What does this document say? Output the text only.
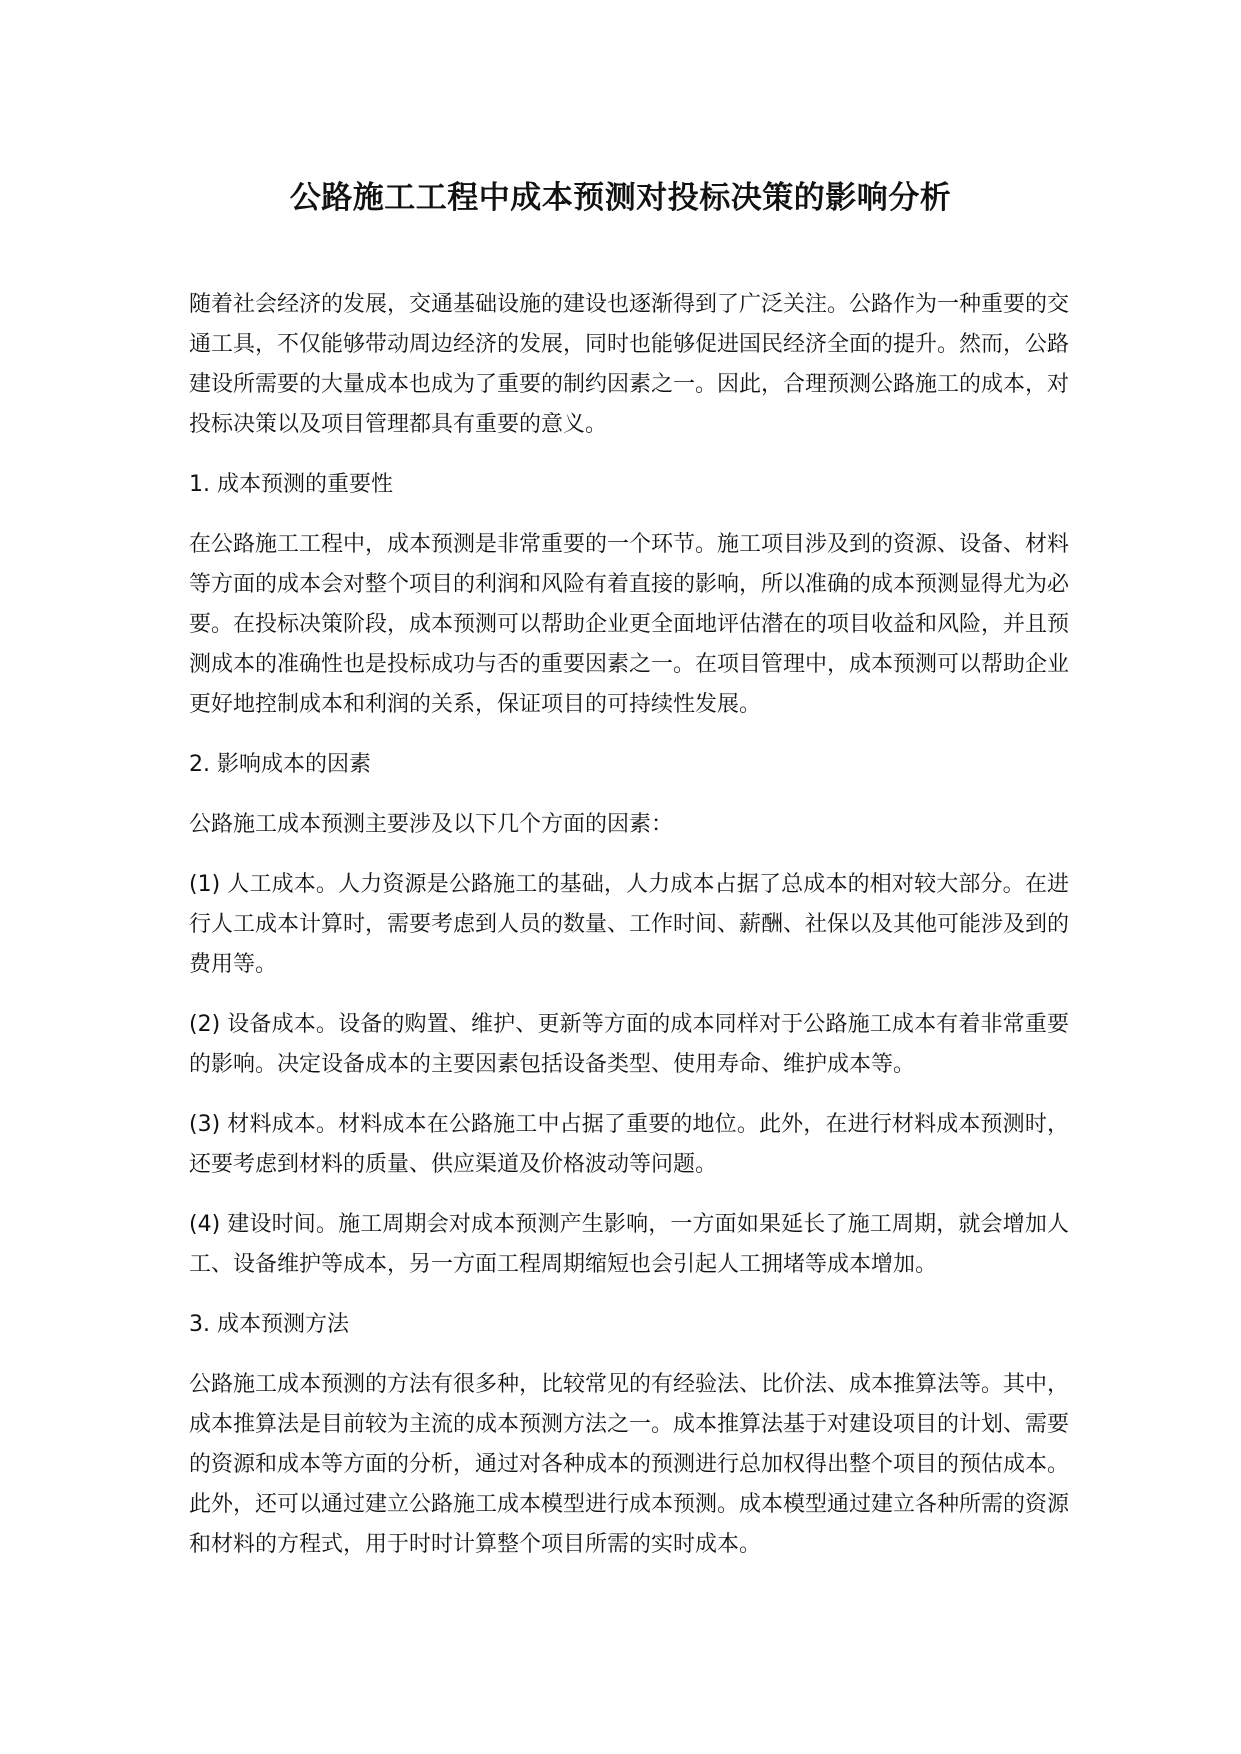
公路施工工程中成本预测对投标决策的影响分析

随着社会经济的发展，交通基础设施的建设也逐渐得到了广泛关注。公路作为一种重要的交通工具，不仅能够带动周边经济的发展，同时也能够促进国民经济全面的提升。然而，公路建设所需要的大量成本也成为了重要的制约因素之一。因此，合理预测公路施工的成本，对投标决策以及项目管理都具有重要的意义。

1. 成本预测的重要性

在公路施工工程中，成本预测是非常重要的一个环节。施工项目涉及到的资源、设备、材料等方面的成本会对整个项目的利润和风险有着直接的影响，所以准确的成本预测显得尤为必要。在投标决策阶段，成本预测可以帮助企业更全面地评估潜在的项目收益和风险，并且预测成本的准确性也是投标成功与否的重要因素之一。在项目管理中，成本预测可以帮助企业更好地控制成本和利润的关系，保证项目的可持续性发展。

2. 影响成本的因素

公路施工成本预测主要涉及以下几个方面的因素：

(1) 人工成本。人力资源是公路施工的基础，人力成本占据了总成本的相对较大部分。在进行人工成本计算时，需要考虑到人员的数量、工作时间、薪酬、社保以及其他可能涉及到的费用等。

(2) 设备成本。设备的购置、维护、更新等方面的成本同样对于公路施工成本有着非常重要的影响。决定设备成本的主要因素包括设备类型、使用寿命、维护成本等。

(3) 材料成本。材料成本在公路施工中占据了重要的地位。此外，在进行材料成本预测时，还要考虑到材料的质量、供应渠道及价格波动等问题。

(4) 建设时间。施工周期会对成本预测产生影响，一方面如果延长了施工周期，就会增加人工、设备维护等成本，另一方面工程周期缩短也会引起人工拥堵等成本增加。

3. 成本预测方法

公路施工成本预测的方法有很多种，比较常见的有经验法、比价法、成本推算法等。其中，成本推算法是目前较为主流的成本预测方法之一。成本推算法基于对建设项目的计划、需要的资源和成本等方面的分析，通过对各种成本的预测进行总加权得出整个项目的预估成本。此外，还可以通过建立公路施工成本模型进行成本预测。成本模型通过建立各种所需的资源和材料的方程式，用于时时计算整个项目所需的实时成本。
